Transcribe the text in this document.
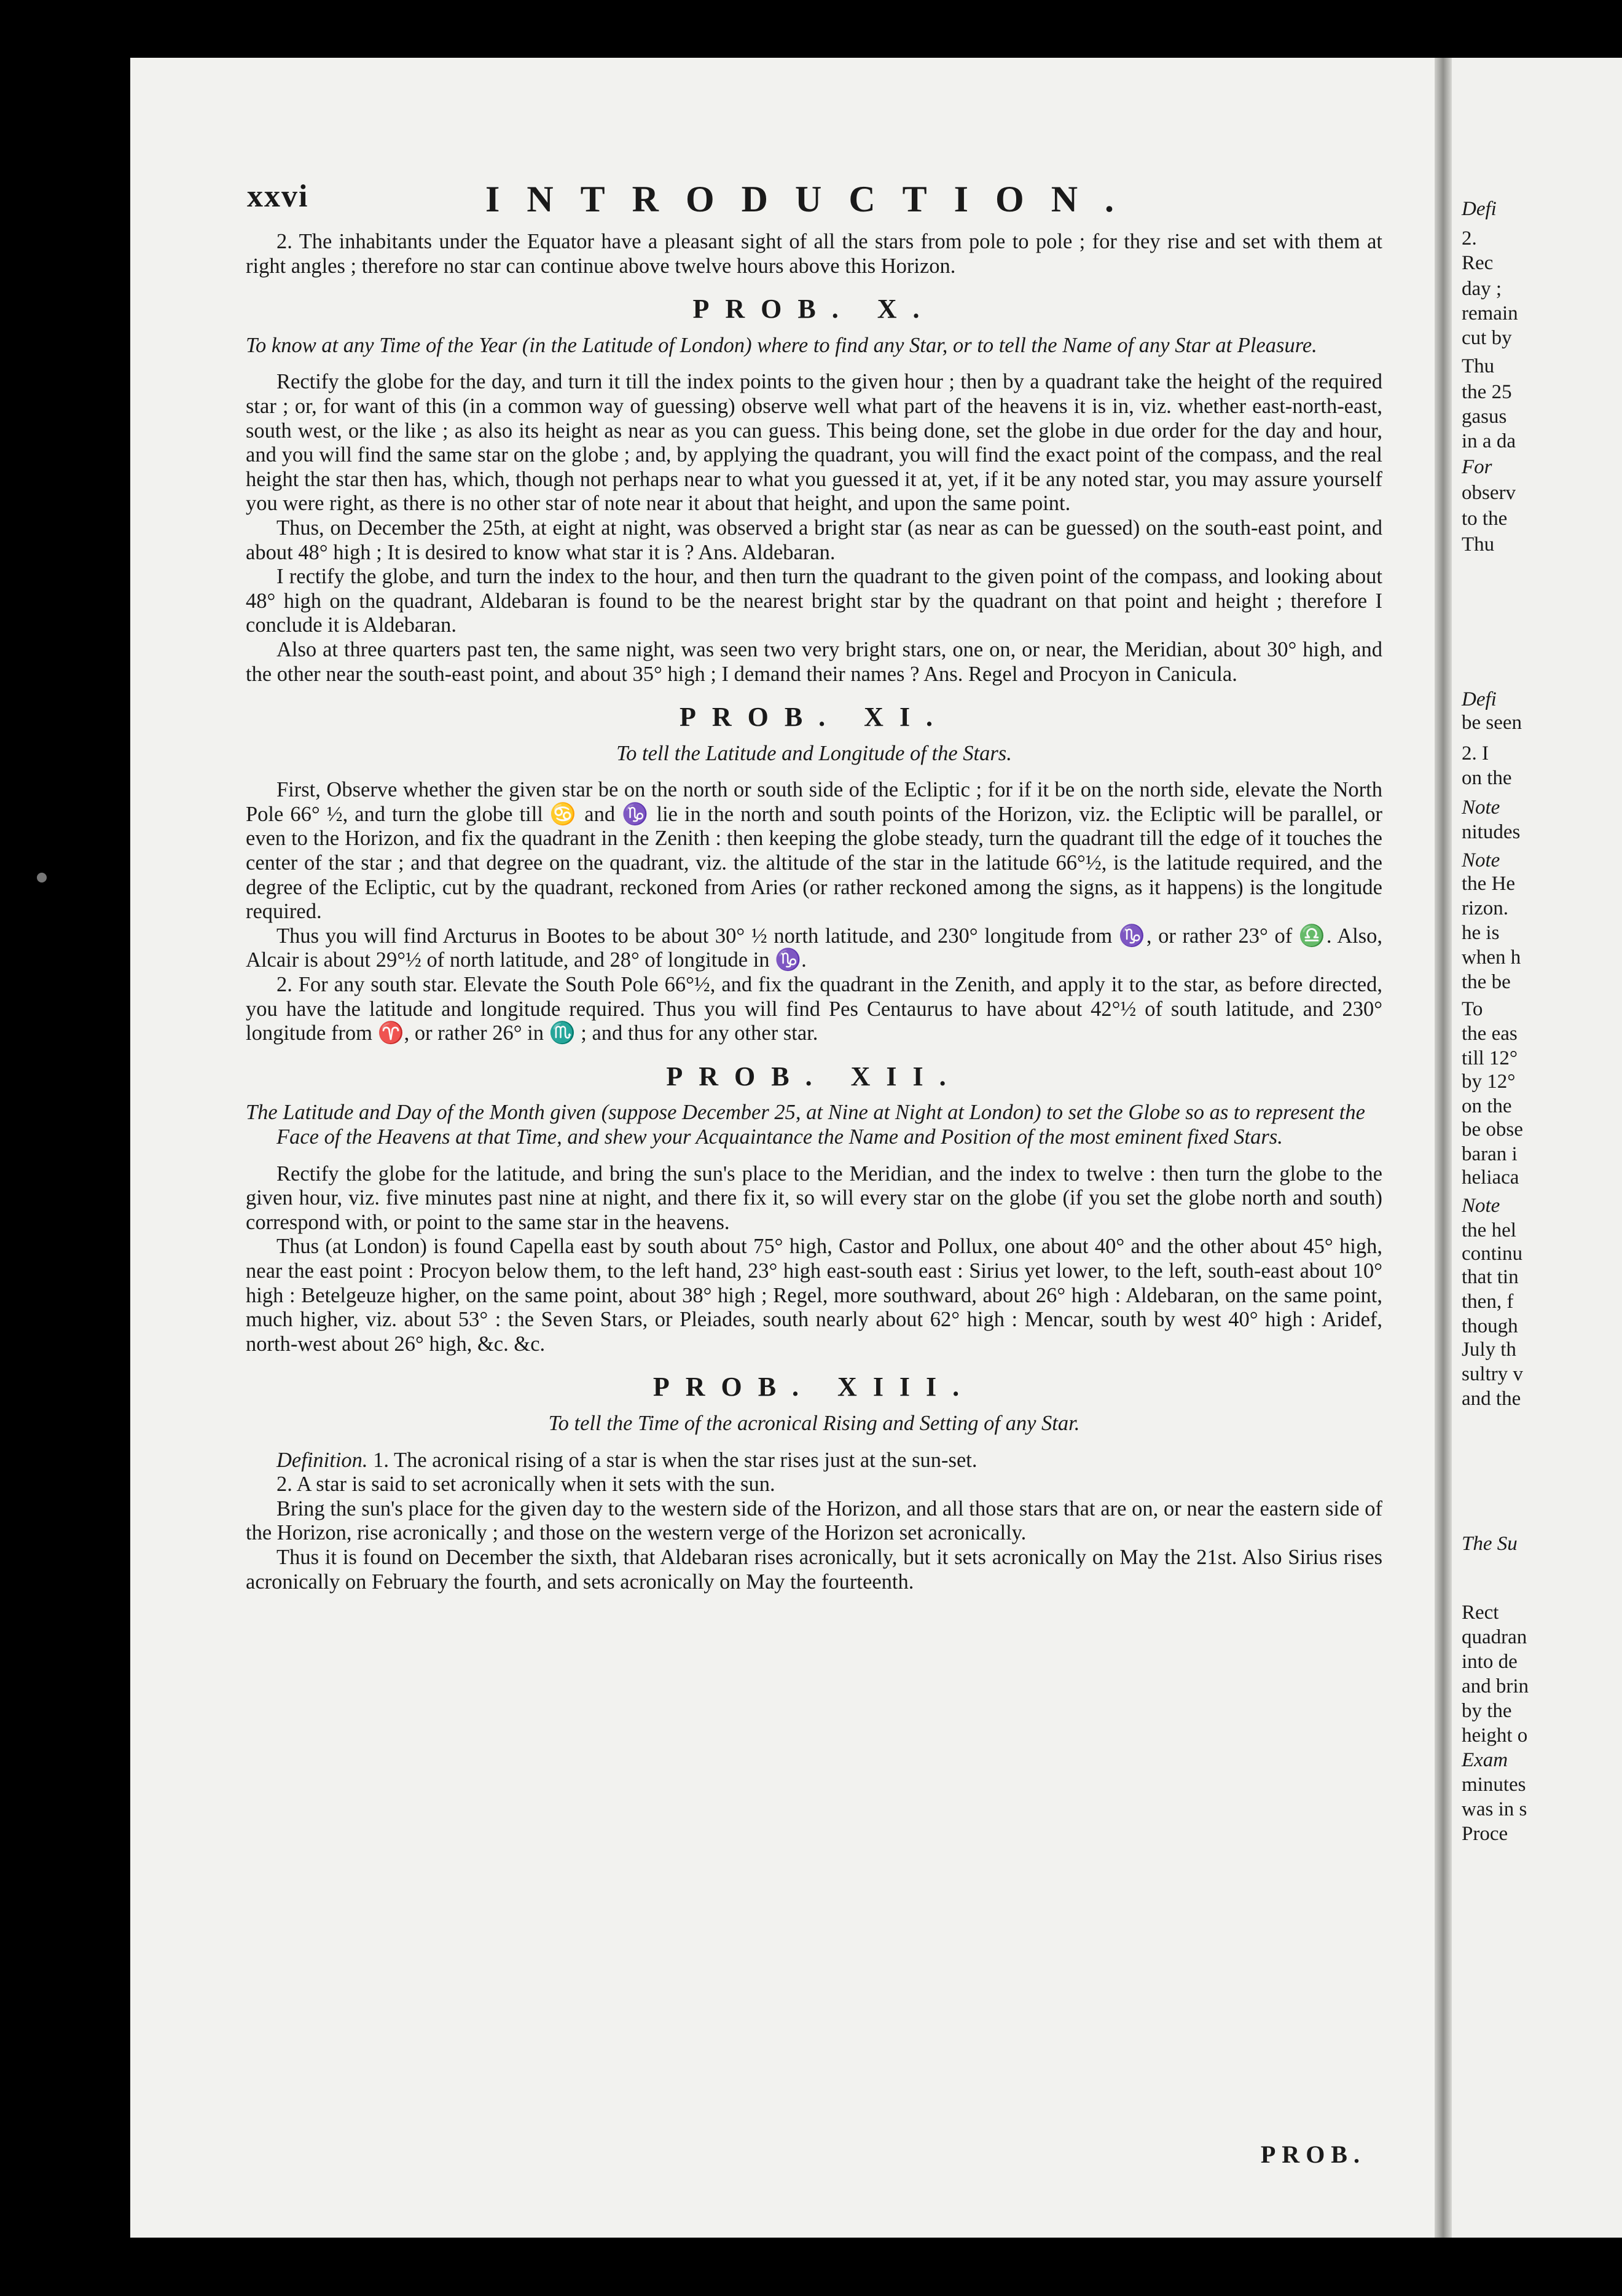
xxvi	INTRODUCTION.

2. The inhabitants under the Equator have a pleasant sight of all the stars from pole to pole ; for they rise and set with them at right angles ; therefore no star can continue above twelve hours above this Horizon.

PROB. X.
To know at any Time of the Year (in the Latitude of London) where to find any Star, or to tell the Name of any Star at Pleasure.

Rectify the globe for the day, and turn it till the index points to the given hour ; then by a quadrant take the height of the required star ; or, for want of this (in a common way of guessing) observe well what part of the heavens it is in, viz. whether east-north-east, south west, or the like ; as also its height as near as you can guess. This being done, set the globe in due order for the day and hour, and you will find the same star on the globe ; and, by applying the quadrant, you will find the exact point of the compass, and the real height the star then has, which, though not perhaps near to what you guessed it at, yet, if it be any noted star, you may assure yourself you were right, as there is no other star of note near it about that height, and upon the same point.

Thus, on December the 25th, at eight at night, was observed a bright star (as near as can be guessed) on the south-east point, and about 48° high ; It is desired to know what star it is ? Ans. Aldebaran.

I rectify the globe, and turn the index to the hour, and then turn the quadrant to the given point of the compass, and looking about 48° high on the quadrant, Aldebaran is found to be the nearest bright star by the quadrant on that point and height ; therefore I conclude it is Aldebaran.

Also at three quarters past ten, the same night, was seen two very bright stars, one on, or near, the Meridian, about 30° high, and the other near the south-east point, and about 35° high ; I demand their names ? Ans. Regel and Procyon in Canicula.

PROB. XI.
To tell the Latitude and Longitude of the Stars.

First, Observe whether the given star be on the north or south side of the Ecliptic ; for if it be on the north side, elevate the North Pole 66° ½, and turn the globe till ♋ and ♑ lie in the north and south points of the Horizon, viz. the Ecliptic will be parallel, or even to the Horizon, and fix the quadrant in the Zenith : then keeping the globe steady, turn the quadrant till the edge of it touches the center of the star ; and that degree on the quadrant, viz. the altitude of the star in the latitude 66°½, is the latitude required, and the degree of the Ecliptic, cut by the quadrant, reckoned from Aries (or rather reckoned among the signs, as it happens) is the longitude required.

Thus you will find Arcturus in Bootes to be about 30° ½ north latitude, and 230° longitude from ♑, or rather 23° of ♎. Also, Alcair is about 29°½ of north latitude, and 28° of longitude in ♑.

2. For any south star. Elevate the South Pole 66°½, and fix the quadrant in the Zenith, and apply it to the star, as before directed, you have the latitude and longitude required. Thus you will find Pes Centaurus to have about 42°½ of south latitude, and 230° longitude from ♈, or rather 26° in ♏ ; and thus for any other star.

PROB. XII.
The Latitude and Day of the Month given (suppose December 25, at Nine at Night at London) to set the Globe so as to represent the Face of the Heavens at that Time, and shew your Acquaintance the Name and Position of the most eminent fixed Stars.

Rectify the globe for the latitude, and bring the sun's place to the Meridian, and the index to twelve : then turn the globe to the given hour, viz. five minutes past nine at night, and there fix it, so will every star on the globe (if you set the globe north and south) correspond with, or point to the same star in the heavens.

Thus (at London) is found Capella east by south about 75° high, Castor and Pollux, one about 40° and the other about 45° high, near the east point : Procyon below them, to the left hand, 23° high east-south east : Sirius yet lower, to the left, south-east about 10° high : Betelgeuze higher, on the same point, about 38° high ; Regel, more southward, about 26° high : Aldebaran, on the same point, much higher, viz. about 53° : the Seven Stars, or Pleiades, south nearly about 62° high : Mencar, south by west 40° high : Aridef, north-west about 26° high, &c. &c.

PROB. XIII.
To tell the Time of the acronical Rising and Setting of any Star.

Definition. 1. The acronical rising of a star is when the star rises just at the sun-set.

2. A star is said to set acronically when it sets with the sun.

Bring the sun's place for the given day to the western side of the Horizon, and all those stars that are on, or near the eastern side of the Horizon, rise acronically ; and those on the western verge of the Horizon set acronically.

Thus it is found on December the sixth, that Aldebaran rises acronically, but it sets acronically on May the 21st. Also Sirius rises acronically on February the fourth, and sets acronically on May the fourteenth.

PROB.
Defi
2.
Rec
day ;
remain
cut by
Thu
the 25
gasus
in a da
For
observ
to the
Thu
Defi
be seen
2. I
on the
Note
nitudes
Note
the He
rizon.
he is
when h
the be
To
the eas
till 12°
by 12°
on the
be obse
baran i
heliaca
Note
the hel
continu
that tin
then, f
though
July th
sultry v
and the
The Su
Rect
quadran
into de
and brin
by the
height o
Exam
minutes
was in s
Proce
